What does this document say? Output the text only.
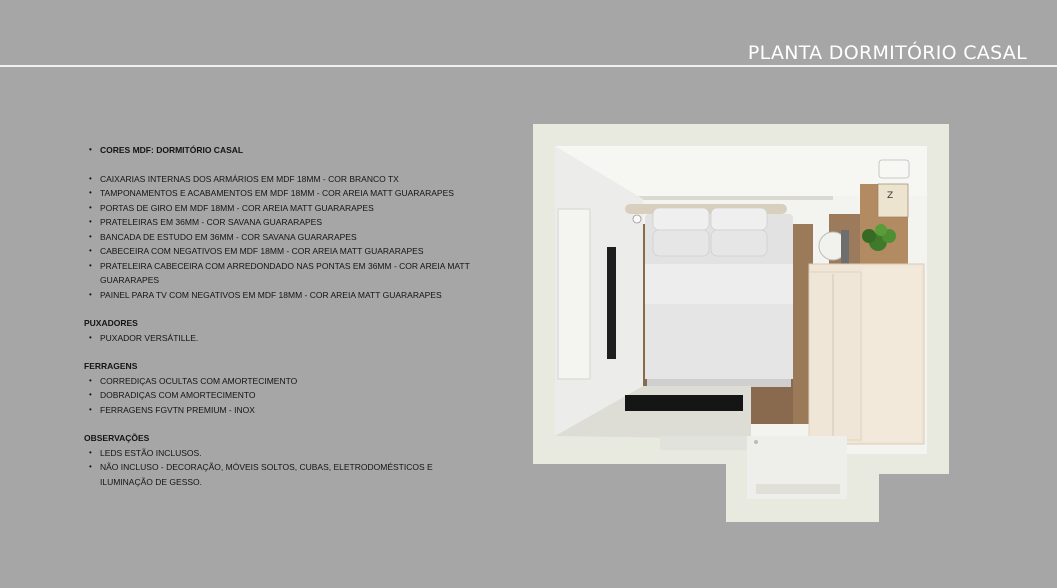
PLANTA DORMITÓRIO CASAL
• CORES MDF: DORMITÓRIO CASAL
• CAIXARIAS INTERNAS DOS ARMÁRIOS EM MDF 18MM - COR BRANCO TX
• TAMPONAMENTOS E ACABAMENTOS EM MDF 18MM - COR AREIA MATT GUARARAPES
• PORTAS DE GIRO EM MDF 18MM - COR AREIA MATT GUARARAPES
• PRATELEIRAS EM 36MM - COR SAVANA GUARARAPES
• BANCADA DE ESTUDO EM 36MM - COR SAVANA GUARARAPES
• CABECEIRA COM NEGATIVOS EM MDF 18MM - COR AREIA MATT GUARARAPES
• PRATELEIRA CABECEIRA COM ARREDONDADO NAS PONTAS EM 36MM - COR AREIA MATT GUARARAPES
• PAINEL PARA TV COM NEGATIVOS EM MDF 18MM - COR AREIA MATT GUARARAPES
PUXADORES
• PUXADOR VERSÁTILLE.
FERRAGENS
• CORREDIÇAS OCULTAS COM AMORTECIMENTO
• DOBRADIÇAS COM AMORTECIMENTO
• FERRAGENS FGVTN PREMIUM - INOX
OBSERVAÇÕES
• LEDS ESTÃO INCLUSOS.
• NÃO INCLUSO - DECORAÇÃO, MÓVEIS SOLTOS, CUBAS, ELETRODOMÉSTICOS E ILUMINAÇÃO DE GESSO.
Z
